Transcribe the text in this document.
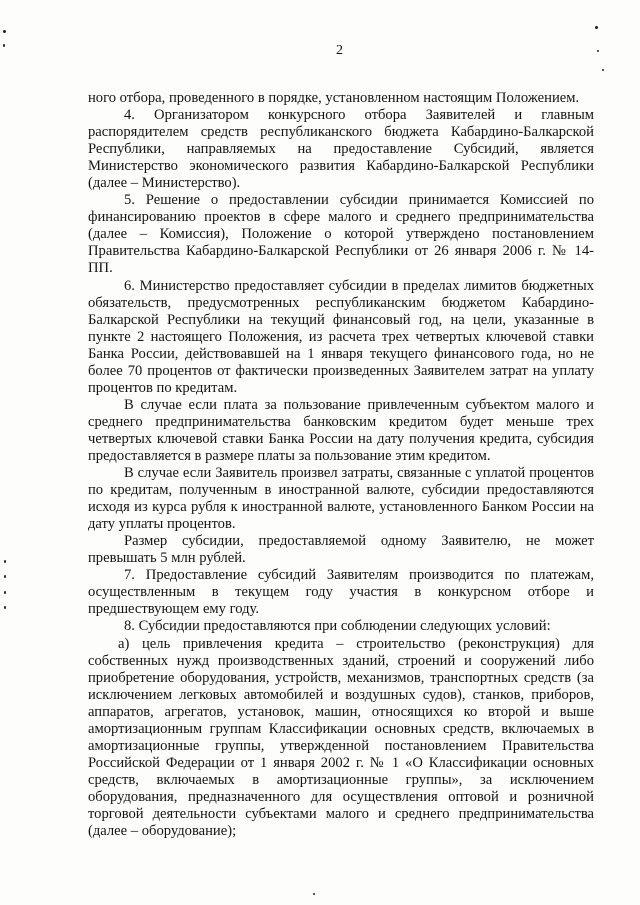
2

ного отбора, проведенного в порядке, установленном настоящим Положением.

4. Организатором конкурсного отбора Заявителей и главным распорядителем средств республиканского бюджета Кабардино-Балкарской Республики, направляемых на предоставление Субсидий, является Министерство экономического развития Кабардино-Балкарской Республики (далее – Министерство).

5. Решение о предоставлении субсидии принимается Комиссией по финансированию проектов в сфере малого и среднего предпринимательства (далее – Комиссия), Положение о которой утверждено постановлением Правительства Кабардино-Балкарской Республики от 26 января 2006 г. № 14-ПП.

6. Министерство предоставляет субсидии в пределах лимитов бюджетных обязательств, предусмотренных республиканским бюджетом Кабардино-Балкарской Республики на текущий финансовый год, на цели, указанные в пункте 2 настоящего Положения, из расчета трех четвертых ключевой ставки Банка России, действовавшей на 1 января текущего финансового года, но не более 70 процентов от фактически произведенных Заявителем затрат на уплату процентов по кредитам.

В случае если плата за пользование привлеченным субъектом малого и среднего предпринимательства банковским кредитом будет меньше трех четвертых ключевой ставки Банка России на дату получения кредита, субсидия предоставляется в размере платы за пользование этим кредитом.

В случае если Заявитель произвел затраты, связанные с уплатой процентов по кредитам, полученным в иностранной валюте, субсидии предоставляются исходя из курса рубля к иностранной валюте, установленного Банком России на дату уплаты процентов.

Размер субсидии, предоставляемой одному Заявителю, не может превышать 5 млн рублей.

7. Предоставление субсидий Заявителям производится по платежам, осуществленным в текущем году участия в конкурсном отборе и предшествующем ему году.

8. Субсидии предоставляются при соблюдении следующих условий:

а) цель привлечения кредита – строительство (реконструкция) для собственных нужд производственных зданий, строений и сооружений либо приобретение оборудования, устройств, механизмов, транспортных средств (за исключением легковых автомобилей и воздушных судов), станков, приборов, аппаратов, агрегатов, установок, машин, относящихся ко второй и выше амортизационным группам Классификации основных средств, включаемых в амортизационные группы, утвержденной постановлением Правительства Российской Федерации от 1 января 2002 г. № 1 «О Классификации основных средств, включаемых в амортизационные группы», за исключением оборудования, предназначенного для осуществления оптовой и розничной торговой деятельности субъектами малого и среднего предпринимательства (далее – оборудование);
